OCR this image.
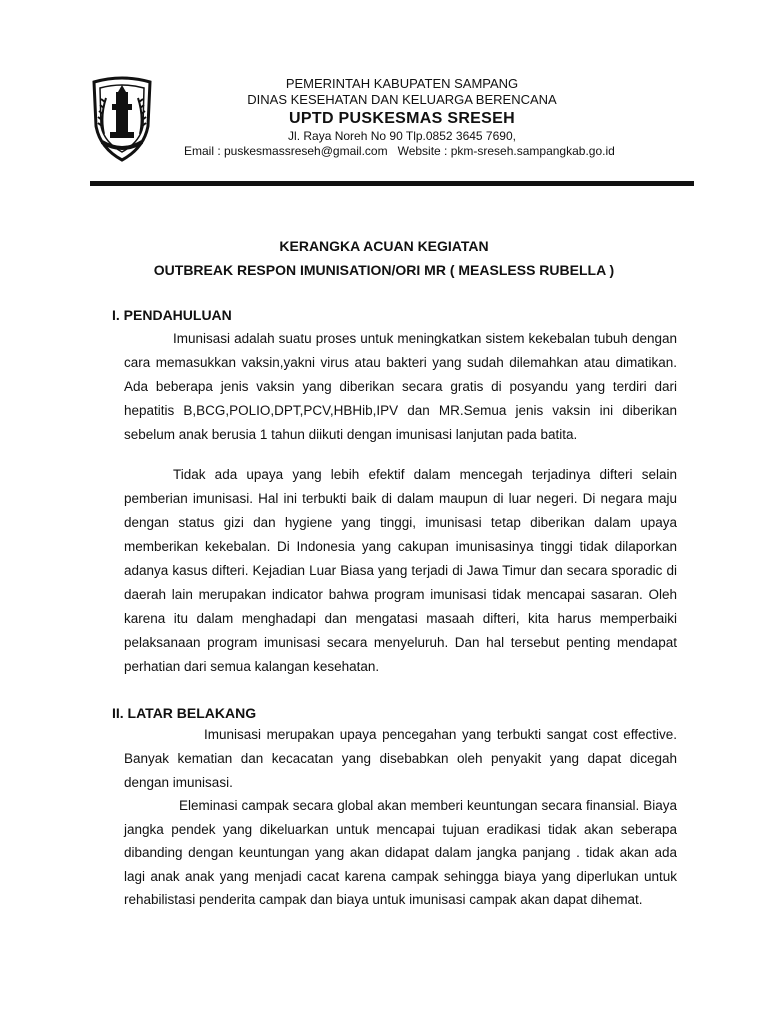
PEMERINTAH KABUPATEN SAMPANG
DINAS KESEHATAN DAN KELUARGA BERENCANA
UPTD PUSKESMAS SRESEH
Jl. Raya Noreh No 90 Tlp.0852 3645 7690,
Email : puskesmassreseh@gmail.com Website : pkm-sreseh.sampangkab.go.id
KERANGKA ACUAN KEGIATAN
OUTBREAK RESPON IMUNISATION/ORI MR ( MEASLESS RUBELLA )
I. PENDAHULUAN

Imunisasi adalah suatu proses untuk meningkatkan sistem kekebalan tubuh dengan cara memasukkan vaksin,yakni virus atau bakteri yang sudah dilemahkan atau dimatikan. Ada beberapa jenis vaksin yang diberikan secara gratis di posyandu yang terdiri dari hepatitis B,BCG,POLIO,DPT,PCV,HBHib,IPV dan MR.Semua jenis vaksin ini diberikan sebelum anak berusia 1 tahun diikuti dengan imunisasi lanjutan pada batita.

Tidak ada upaya yang lebih efektif dalam mencegah terjadinya difteri selain pemberian imunisasi. Hal ini terbukti baik di dalam maupun di luar negeri. Di negara maju dengan status gizi dan hygiene yang tinggi, imunisasi tetap diberikan dalam upaya memberikan kekebalan. Di Indonesia yang cakupan imunisasinya tinggi tidak dilaporkan adanya kasus difteri. Kejadian Luar Biasa yang terjadi di Jawa Timur dan secara sporadic di daerah lain merupakan indicator bahwa program imunisasi tidak mencapai sasaran. Oleh karena itu dalam menghadapi dan mengatasi masaah difteri, kita harus memperbaiki pelaksanaan program imunisasi secara menyeluruh. Dan hal tersebut penting mendapat perhatian dari semua kalangan kesehatan.

II. LATAR BELAKANG

Imunisasi merupakan upaya pencegahan yang terbukti sangat cost effective. Banyak kematian dan kecacatan yang disebabkan oleh penyakit yang dapat dicegah dengan imunisasi.

Eleminasi campak secara global akan memberi keuntungan secara finansial. Biaya jangka pendek yang dikeluarkan untuk mencapai tujuan eradikasi tidak akan seberapa dibanding dengan keuntungan yang akan didapat dalam jangka panjang . tidak akan ada lagi anak anak yang menjadi cacat karena campak sehingga biaya yang diperlukan untuk rehabilistasi penderita campak dan biaya untuk imunisasi campak akan dapat dihemat.
